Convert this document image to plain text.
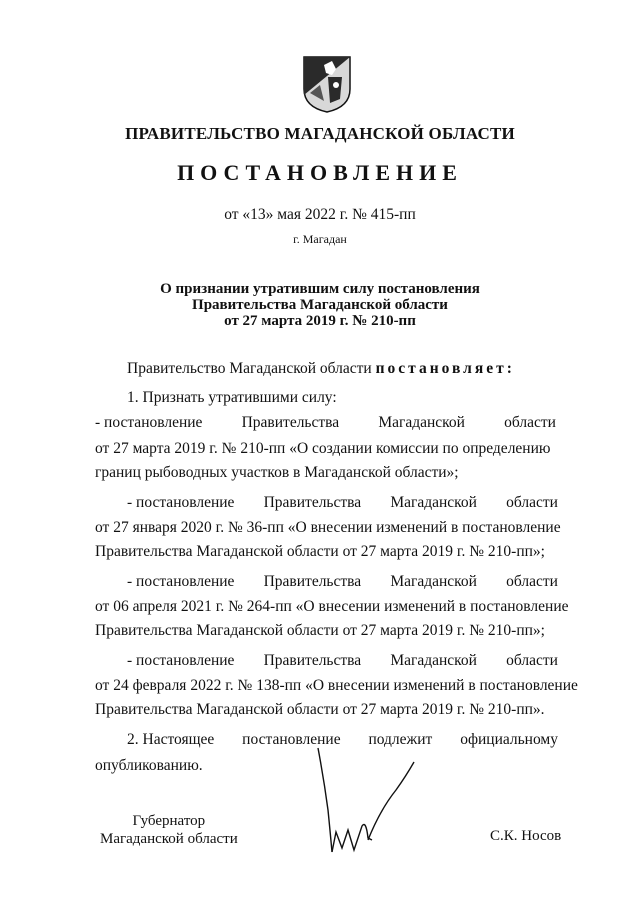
ПРАВИТЕЛЬСТВО МАГАДАНСКОЙ ОБЛАСТИ
ПОСТАНОВЛЕНИЕ
от «13» мая 2022 г. № 415-пп
г. Магадан
О признании утратившим силу постановления
Правительства Магаданской области
от 27 марта 2019 г. № 210-пп
Правительство Магаданской области постановляет:
1. Признать утратившими силу:
- постановление	Правительства	Магаданской	области
от 27 марта 2019 г. № 210-пп «О создании комиссии по определению
границ рыбоводных участков в Магаданской области»;
- постановление Правительства Магаданской области
от 27 января 2020 г. № 36-пп «О внесении изменений в постановление
Правительства Магаданской области от 27 марта 2019 г. № 210-пп»;
- постановление Правительства Магаданской области
от 06 апреля 2021 г. № 264-пп «О внесении изменений в постановление
Правительства Магаданской области от 27 марта 2019 г. № 210-пп»;
- постановление Правительства Магаданской области
от 24 февраля 2022 г. № 138-пп «О внесении изменений в постановление
Правительства Магаданской области от 27 марта 2019 г. № 210-пп».
2. Настоящее постановление подлежит официальному
опубликованию.
Губернатор
Магаданской области	С.К. Носов
